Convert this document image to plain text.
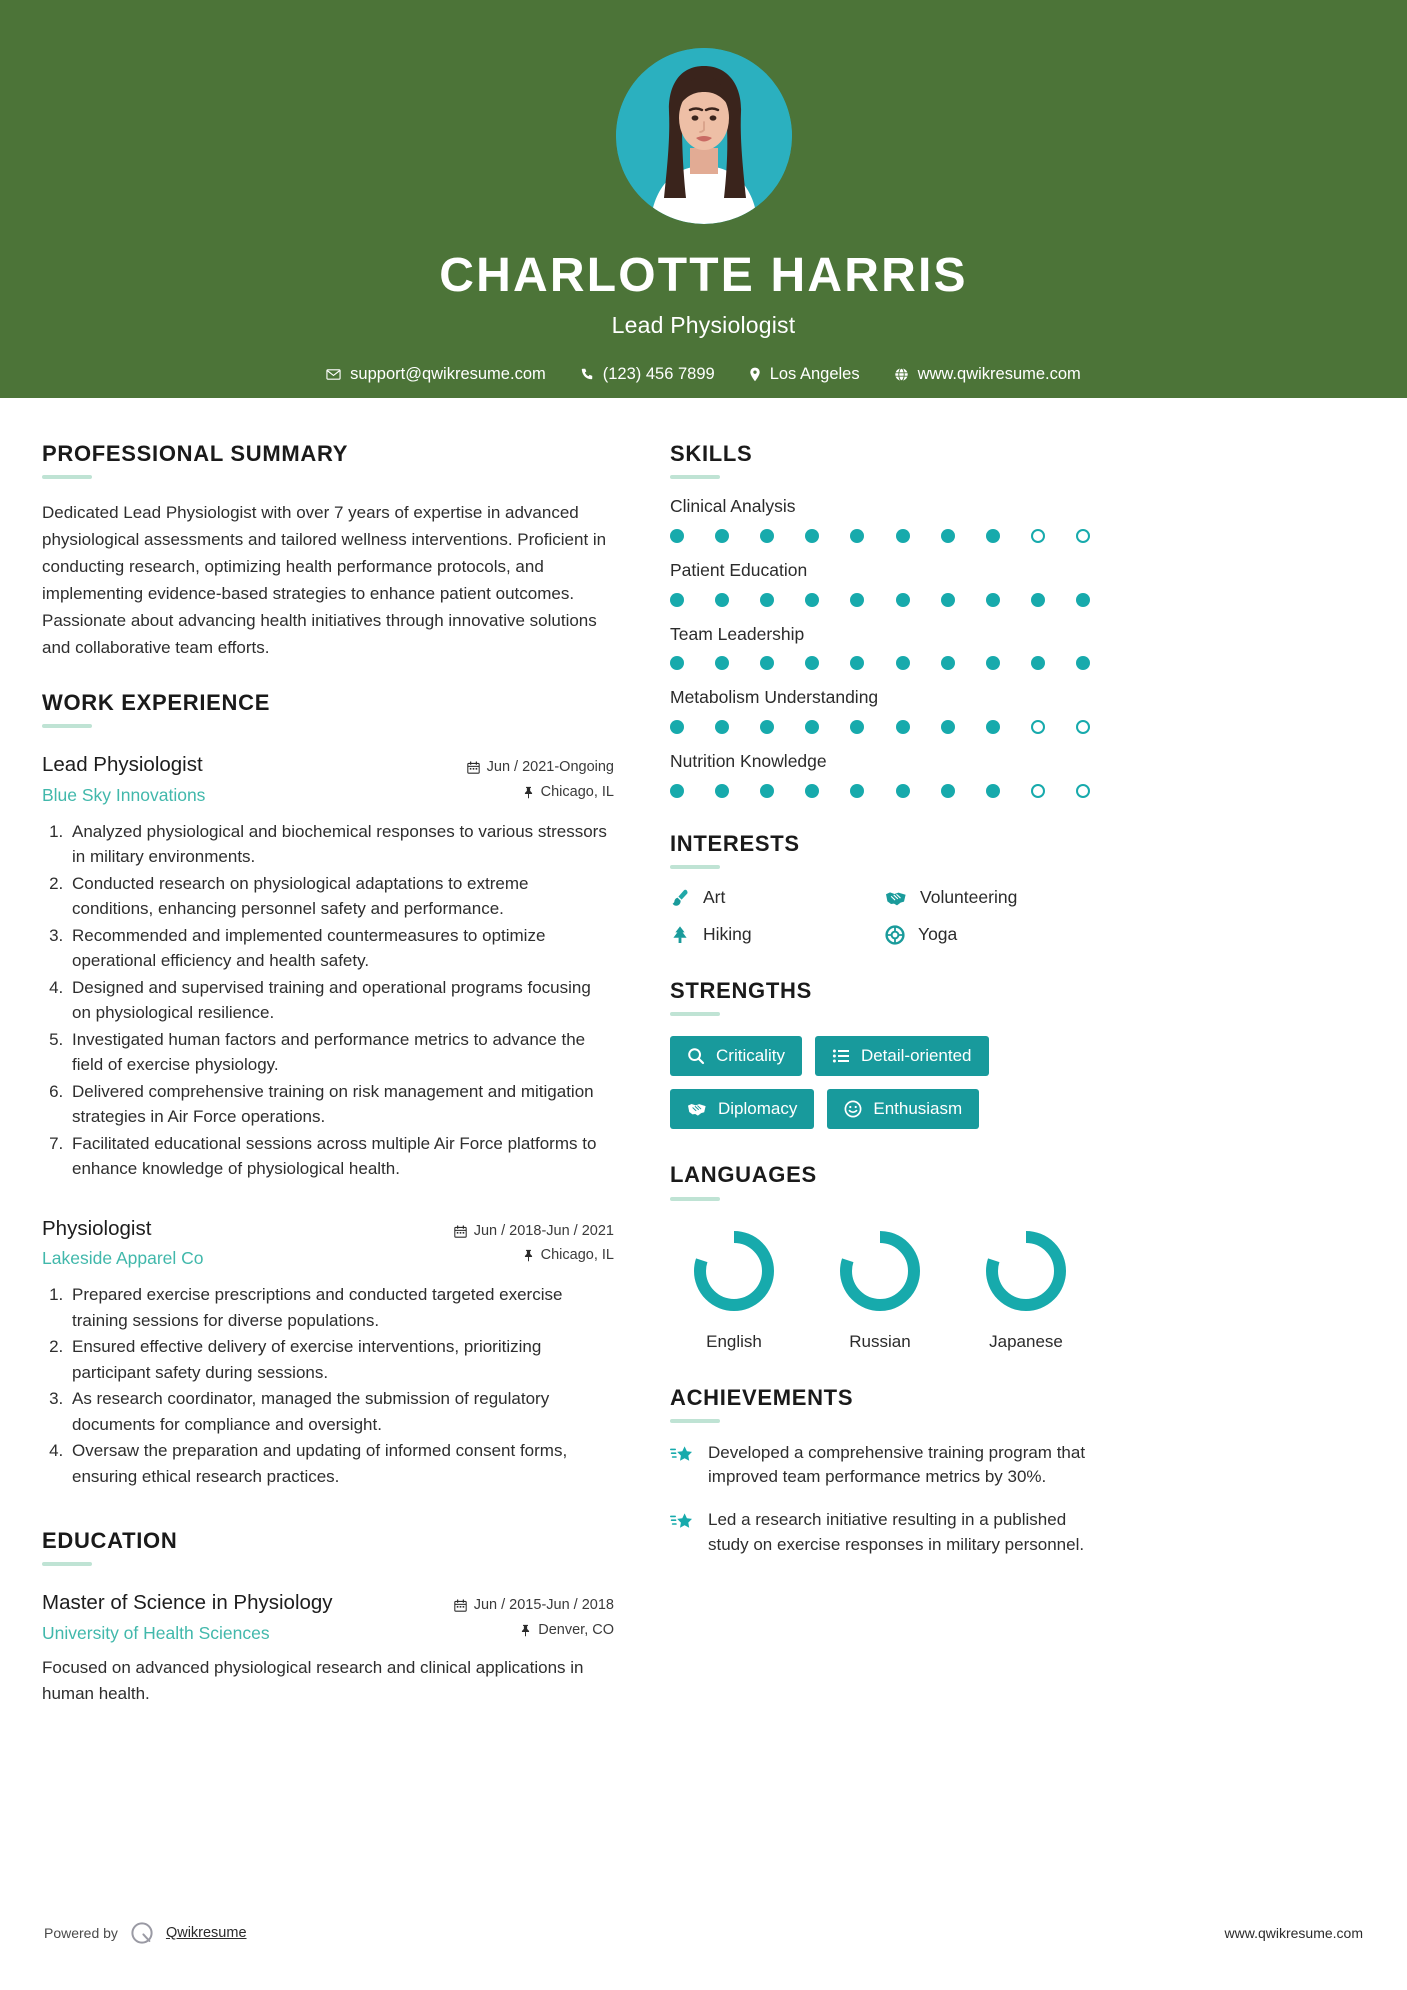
CHARLOTTE HARRIS
Lead Physiologist
support@qwikresume.com	(123) 456 7899	Los Angeles	www.qwikresume.com
PROFESSIONAL SUMMARY
Dedicated Lead Physiologist with over 7 years of expertise in advanced physiological assessments and tailored wellness interventions. Proficient in conducting research, optimizing health performance protocols, and implementing evidence-based strategies to enhance patient outcomes. Passionate about advancing health initiatives through innovative solutions and collaborative team efforts.
WORK EXPERIENCE
Lead Physiologist
Blue Sky Innovations
Jun / 2021-Ongoing
Chicago, IL
1. Analyzed physiological and biochemical responses to various stressors in military environments.
2. Conducted research on physiological adaptations to extreme conditions, enhancing personnel safety and performance.
3. Recommended and implemented countermeasures to optimize operational efficiency and health safety.
4. Designed and supervised training and operational programs focusing on physiological resilience.
5. Investigated human factors and performance metrics to advance the field of exercise physiology.
6. Delivered comprehensive training on risk management and mitigation strategies in Air Force operations.
7. Facilitated educational sessions across multiple Air Force platforms to enhance knowledge of physiological health.
Physiologist
Lakeside Apparel Co
Jun / 2018-Jun / 2021
Chicago, IL
1. Prepared exercise prescriptions and conducted targeted exercise training sessions for diverse populations.
2. Ensured effective delivery of exercise interventions, prioritizing participant safety during sessions.
3. As research coordinator, managed the submission of regulatory documents for compliance and oversight.
4. Oversaw the preparation and updating of informed consent forms, ensuring ethical research practices.
EDUCATION
Master of Science in Physiology
University of Health Sciences
Jun / 2015-Jun / 2018
Denver, CO
Focused on advanced physiological research and clinical applications in human health.
SKILLS
Clinical Analysis
Patient Education
Team Leadership
Metabolism Understanding
Nutrition Knowledge
INTERESTS
Art	Volunteering
Hiking	Yoga
STRENGTHS
Criticality	Detail-oriented
Diplomacy	Enthusiasm
LANGUAGES
English	Russian	Japanese
ACHIEVEMENTS
Developed a comprehensive training program that improved team performance metrics by 30%.
Led a research initiative resulting in a published study on exercise responses in military personnel.
Powered by	Qwikresume	www.qwikresume.com
